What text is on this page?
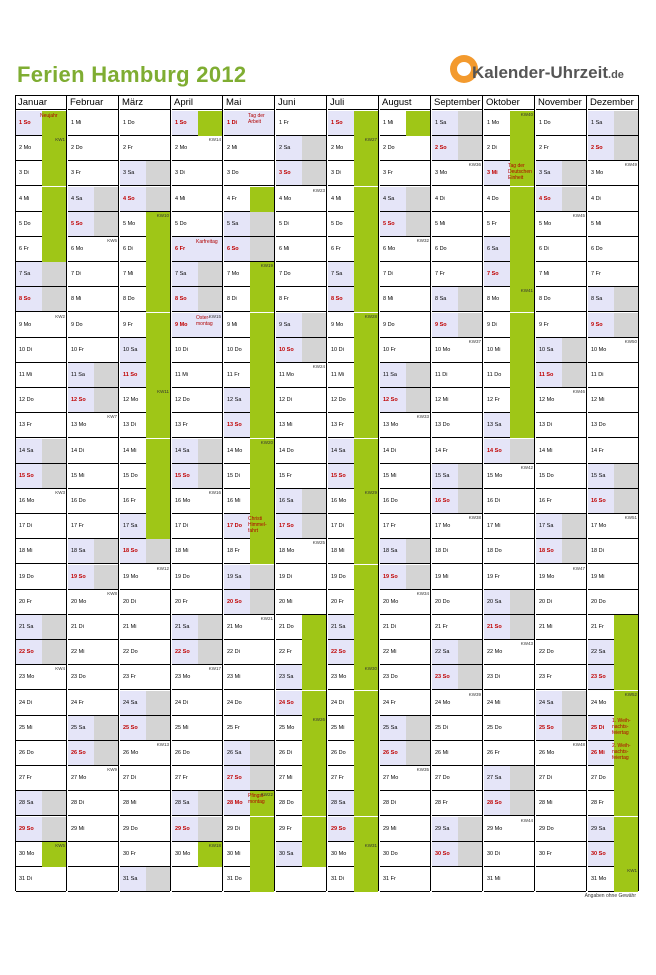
Ferien Hamburg 2012	Kalender-Uhrzeit.de
Januar
1 So
Neujahr
2 Mo
KW1
3 Di
4 Mi
5 Do
6 Fr
7 Sa
8 So
9 Mo
KW2
10 Di
11 Mi
12 Do
13 Fr
14 Sa
15 So
16 Mo
KW3
17 Di
18 Mi
19 Do
20 Fr
21 Sa
22 So
23 Mo
KW4
24 Di
25 Mi
26 Do
27 Fr
28 Sa
29 So
30 Mo
KW5
31 Di
Februar
1 Mi
2 Do
3 Fr
4 Sa
5 So
6 Mo
KW6
7 Di
8 Mi
9 Do
10 Fr
11 Sa
12 So
13 Mo
KW7
14 Di
15 Mi
16 Do
17 Fr
18 Sa
19 So
20 Mo
KW8
21 Di
22 Mi
23 Do
24 Fr
25 Sa
26 So
27 Mo
KW9
28 Di
29 Mi
März
1 Do
2 Fr
3 Sa
4 So
5 Mo
KW10
6 Di
7 Mi
8 Do
9 Fr
10 Sa
11 So
12 Mo
KW11
13 Di
14 Mi
15 Do
16 Fr
17 Sa
18 So
19 Mo
KW12
20 Di
21 Mi
22 Do
23 Fr
24 Sa
25 So
26 Mo
KW13
27 Di
28 Mi
29 Do
30 Fr
31 Sa
April
1 So
2 Mo
KW14
3 Di
4 Mi
5 Do
6 Fr
Karfreitag
7 Sa
8 So
9 Mo
Oster-montag
KW15
10 Di
11 Mi
12 Do
13 Fr
14 Sa
15 So
16 Mo
KW16
17 Di
18 Mi
19 Do
20 Fr
21 Sa
22 So
23 Mo
KW17
24 Di
25 Mi
26 Do
27 Fr
28 Sa
29 So
30 Mo
KW18
Mai
1 Di
Tag der Arbeit
2 Mi
3 Do
4 Fr
5 Sa
6 So
7 Mo
KW19
8 Di
9 Mi
10 Do
11 Fr
12 Sa
13 So
14 Mo
KW20
15 Di
16 Mi
17 Do
Christi Himmel-fahrt
18 Fr
19 Sa
20 So
21 Mo
KW21
22 Di
23 Mi
24 Do
25 Fr
26 Sa
27 So
28 Mo
Pfingst-montag
KW22
29 Di
30 Mi
31 Do
Juni
1 Fr
2 Sa
3 So
4 Mo
KW23
5 Di
6 Mi
7 Do
8 Fr
9 Sa
10 So
11 Mo
KW24
12 Di
13 Mi
14 Do
15 Fr
16 Sa
17 So
18 Mo
KW25
19 Di
20 Mi
21 Do
22 Fr
23 Sa
24 So
25 Mo
KW26
26 Di
27 Mi
28 Do
29 Fr
30 Sa
Juli
1 So
2 Mo
KW27
3 Di
4 Mi
5 Do
6 Fr
7 Sa
8 So
9 Mo
KW28
10 Di
11 Mi
12 Do
13 Fr
14 Sa
15 So
16 Mo
KW29
17 Di
18 Mi
19 Do
20 Fr
21 Sa
22 So
23 Mo
KW30
24 Di
25 Mi
26 Do
27 Fr
28 Sa
29 So
30 Mo
KW31
31 Di
August
1 Mi
2 Do
3 Fr
4 Sa
5 So
6 Mo
KW32
7 Di
8 Mi
9 Do
10 Fr
11 Sa
12 So
13 Mo
KW33
14 Di
15 Mi
16 Do
17 Fr
18 Sa
19 So
20 Mo
KW34
21 Di
22 Mi
23 Do
24 Fr
25 Sa
26 So
27 Mo
KW35
28 Di
29 Mi
30 Do
31 Fr
September
1 Sa
2 So
3 Mo
KW36
4 Di
5 Mi
6 Do
7 Fr
8 Sa
9 So
10 Mo
KW37
11 Di
12 Mi
13 Do
14 Fr
15 Sa
16 So
17 Mo
KW38
18 Di
19 Mi
20 Do
21 Fr
22 Sa
23 So
24 Mo
KW39
25 Di
26 Mi
27 Do
28 Fr
29 Sa
30 So
Oktober
1 Mo
KW40
2 Di
3 Mi
Tag der Deutschen Einheit
4 Do
5 Fr
6 Sa
7 So
8 Mo
KW41
9 Di
10 Mi
11 Do
12 Fr
13 Sa
14 So
15 Mo
KW42
16 Di
17 Mi
18 Do
19 Fr
20 Sa
21 So
22 Mo
KW43
23 Di
24 Mi
25 Do
26 Fr
27 Sa
28 So
29 Mo
KW44
30 Di
31 Mi
November
1 Do
2 Fr
3 Sa
4 So
5 Mo
KW45
6 Di
7 Mi
8 Do
9 Fr
10 Sa
11 So
12 Mo
KW46
13 Di
14 Mi
15 Do
16 Fr
17 Sa
18 So
19 Mo
KW47
20 Di
21 Mi
22 Do
23 Fr
24 Sa
25 So
26 Mo
KW48
27 Di
28 Mi
29 Do
30 Fr
Dezember
1 Sa
2 So
3 Mo
KW49
4 Di
5 Mi
6 Do
7 Fr
8 Sa
9 So
10 Mo
KW50
11 Di
12 Mi
13 Do
14 Fr
15 Sa
16 So
17 Mo
KW51
18 Di
19 Mi
20 Do
21 Fr
22 Sa
23 So
24 Mo
KW52
25 Di
1. Weih-nachts-feiertag
26 Mi
2. Weih-nachts-feiertag
27 Do
28 Fr
29 Sa
30 So
31 Mo
KW1
Angaben ohne Gewähr
